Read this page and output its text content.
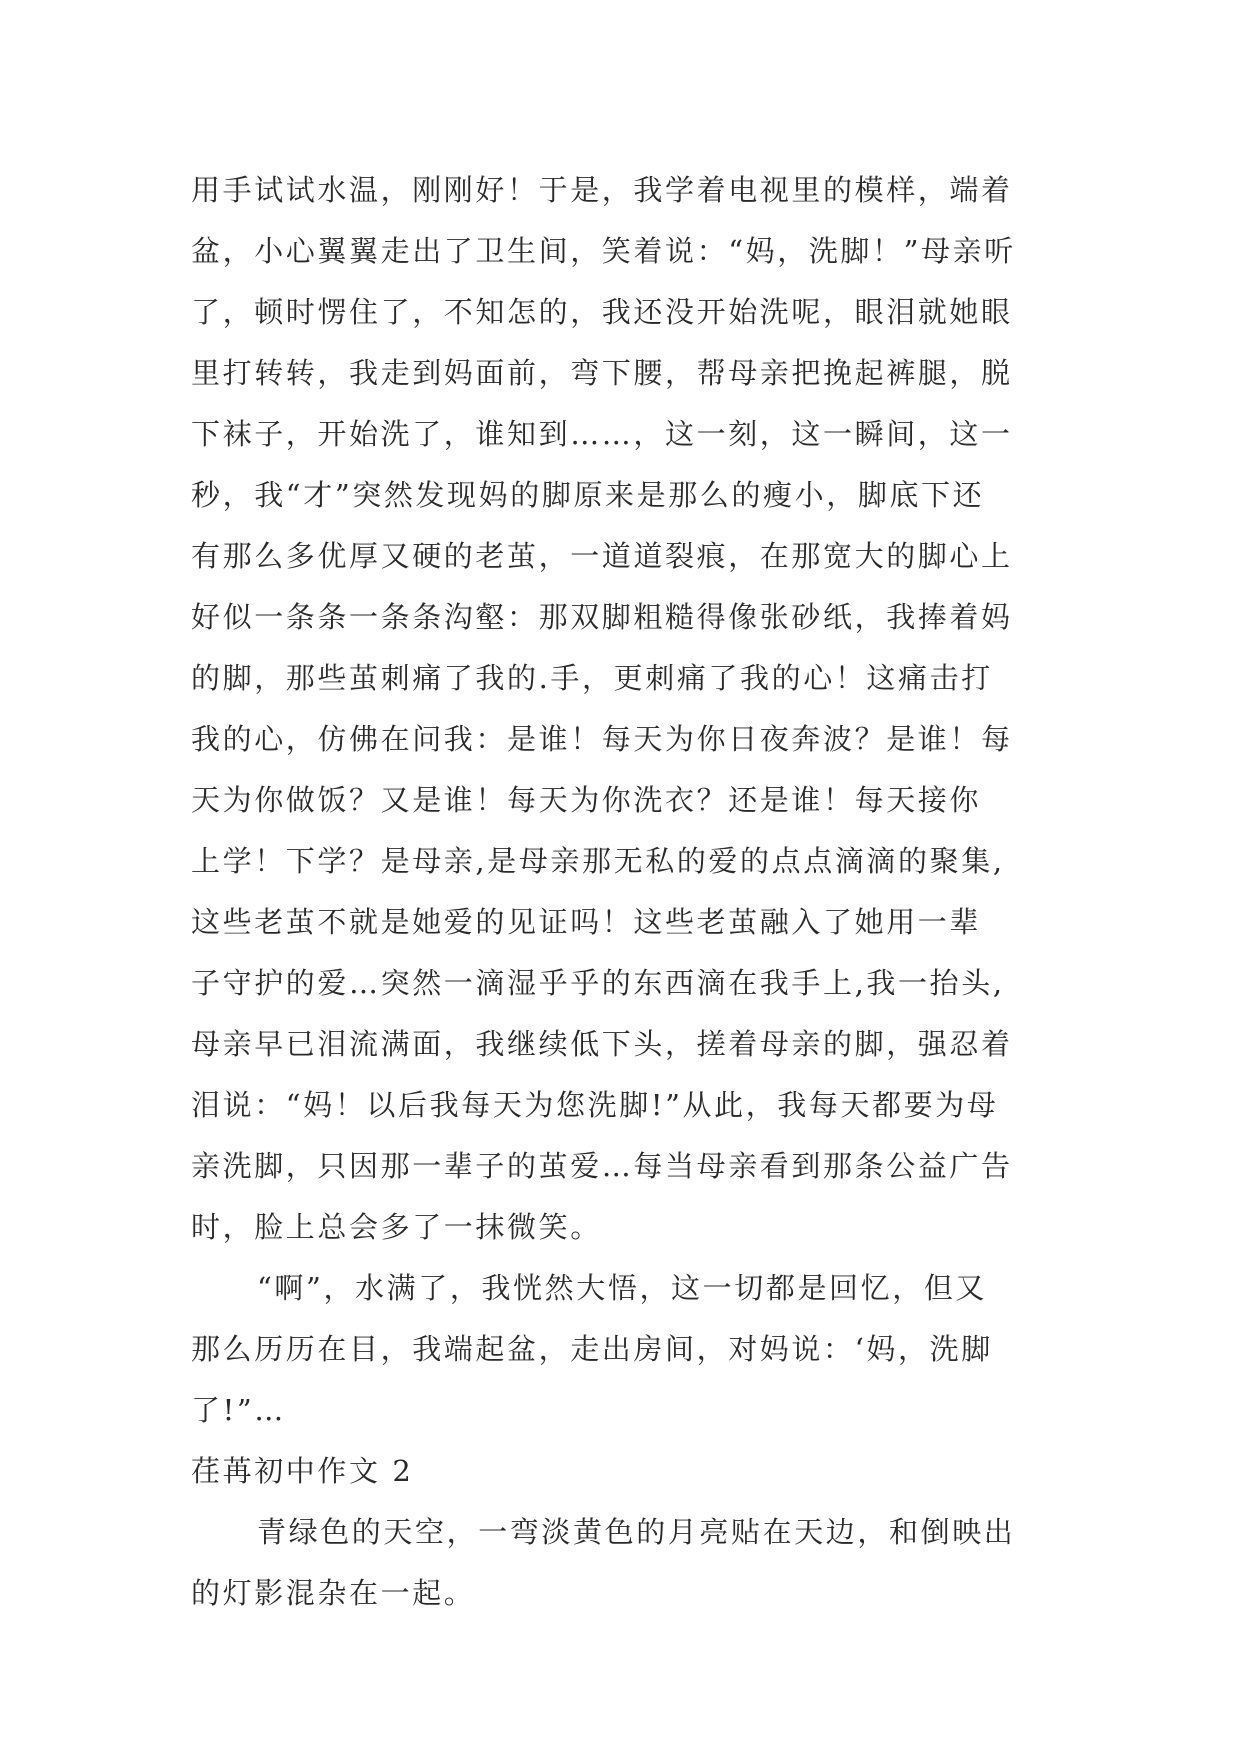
用手试试水温，刚刚好！于是，我学着电视里的模样，端着
盆，小心翼翼走出了卫生间，笑着说：“妈，洗脚！”母亲听
了，顿时愣住了，不知怎的，我还没开始洗呢，眼泪就她眼
里打转转，我走到妈面前，弯下腰，帮母亲把挽起裤腿，脱
下袜子，开始洗了，谁知到……，这一刻，这一瞬间，这一
秒，我“才”突然发现妈的脚原来是那么的瘦小，脚底下还
有那么多优厚又硬的老茧，一道道裂痕，在那宽大的脚心上
好似一条条一条条沟壑：那双脚粗糙得像张砂纸，我捧着妈
的脚，那些茧刺痛了我的.手，更刺痛了我的心！这痛击打
我的心，仿佛在问我：是谁！每天为你日夜奔波？是谁！每
天为你做饭？又是谁！每天为你洗衣？还是谁！每天接你
上学！下学？是母亲,是母亲那无私的爱的点点滴滴的聚集,
这些老茧不就是她爱的见证吗！这些老茧融入了她用一辈
子守护的爱…突然一滴湿乎乎的东西滴在我手上,我一抬头,
母亲早已泪流满面，我继续低下头，搓着母亲的脚，强忍着
泪说：“妈！以后我每天为您洗脚!”从此，我每天都要为母
亲洗脚，只因那一辈子的茧爱…每当母亲看到那条公益广告
时，脸上总会多了一抹微笑。
“啊”，水满了，我恍然大悟，这一切都是回忆，但又
那么历历在目，我端起盆，走出房间，对妈说：‘妈，洗脚
了!”…
荏苒初中作文 2
青绿色的天空，一弯淡黄色的月亮贴在天边，和倒映出
的灯影混杂在一起。
